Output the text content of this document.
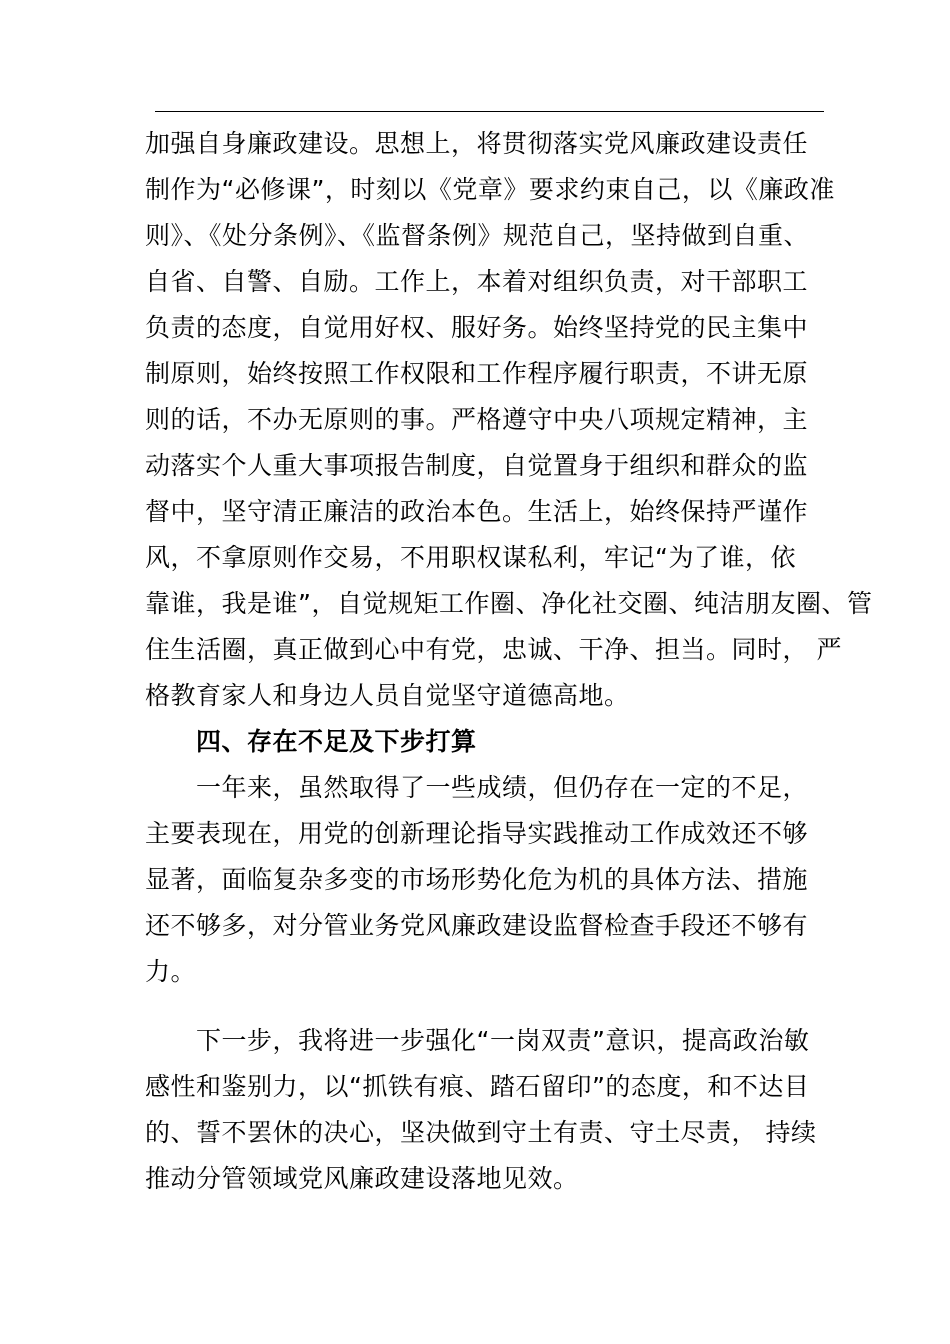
加强自身廉政建设。思想上，将贯彻落实党风廉政建设责任
制作为“必修课”，时刻以《党章》要求约束自己，以《廉政准
则》、《处分条例》、《监督条例》规范自己，坚持做到自重、
自省、自警、自励。工作上，本着对组织负责，对干部职工
负责的态度，自觉用好权、服好务。始终坚持党的民主集中
制原则，始终按照工作权限和工作程序履行职责，不讲无原
则的话，不办无原则的事。严格遵守中央八项规定精神，主
动落实个人重大事项报告制度，自觉置身于组织和群众的监
督中，坚守清正廉洁的政治本色。生活上，始终保持严谨作
风，不拿原则作交易，不用职权谋私利，牢记“为了谁，依
靠谁，我是谁”，自觉规矩工作圈、净化社交圈、纯洁朋友圈、管
住生活圈，真正做到心中有党，忠诚、干净、担当。同时， 严
格教育家人和身边人员自觉坚守道德高地。
四、存在不足及下步打算
一年来，虽然取得了一些成绩，但仍存在一定的不足，
主要表现在，用党的创新理论指导实践推动工作成效还不够
显著，面临复杂多变的市场形势化危为机的具体方法、措施
还不够多，对分管业务党风廉政建设监督检查手段还不够有
力。
下一步，我将进一步强化“一岗双责”意识，提高政治敏
感性和鉴别力，以“抓铁有痕、踏石留印”的态度，和不达目
的、誓不罢休的决心，坚决做到守土有责、守土尽责， 持续
推动分管领域党风廉政建设落地见效。
